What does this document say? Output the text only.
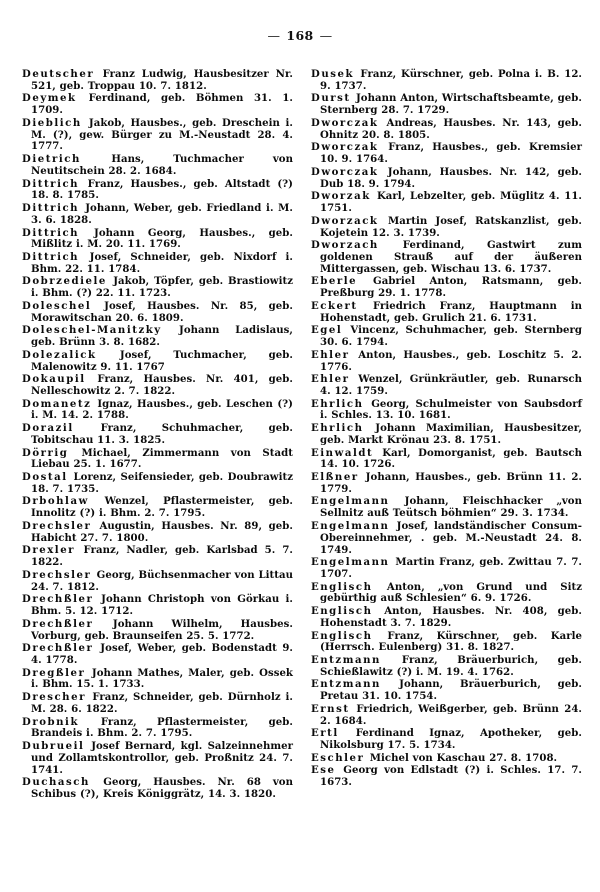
— 168 —

Deutscher Franz Ludwig, Hausbesitzer Nr. 521, geb. Troppau 10. 7. 1812.

Deymek Ferdinand, geb. Böhmen 31. 1. 1709.

Dieblich Jakob, Hausbes., geb. Dreschein i. M. (?), gew. Bürger zu M.-Neustadt 28. 4. 1777.

Dietrich Hans, Tuchmacher von Neutitschein 28. 2. 1684.

Dittrich Franz, Hausbes., geb. Altstadt (?) 18. 8. 1785.

Dittrich Johann, Weber, geb. Friedland i. M. 3. 6. 1828.

Dittrich Johann Georg, Hausbes., geb. Mißlitz i. M. 20. 11. 1769.

Dittrich Josef, Schneider, geb. Nixdorf i. Bhm. 22. 11. 1784.

Dobrzediele Jakob, Töpfer, geb. Brastiowitz i. Bhm. (?) 22. 11. 1723.

Doleschel Josef, Hausbes. Nr. 85, geb. Morawitschan 20. 6. 1809.

Doleschel-Manitzky Johann Ladislaus, geb. Brünn 3. 8. 1682.

Dolezalick Josef, Tuchmacher, geb. Malenowitz 9. 11. 1767

Dokaupil Franz, Hausbes. Nr. 401, geb. Nelleschowitz 2. 7. 1822.

Domanetz Ignaz, Hausbes., geb. Leschen (?) i. M. 14. 2. 1788.

Dorazil Franz, Schuhmacher, geb. Tobitschau 11. 3. 1825.

Dörrig Michael, Zimmermann von Stadt Liebau 25. 1. 1677.

Dostal Lorenz, Seifensieder, geb. Doubrawitz 18. 7. 1735.

Drbohlaw Wenzel, Pflastermeister, geb. Innolitz (?) i. Bhm. 2. 7. 1795.

Drechsler Augustin, Hausbes. Nr. 89, geb. Habicht 27. 7. 1800.

Drexler Franz, Nadler, geb. Karlsbad 5. 7. 1822.

Drechsler Georg, Büchsenmacher von Littau 24. 7. 1812.

Drechßler Johann Christoph von Görkau i. Bhm. 5. 12. 1712.

Drechßler Johann Wilhelm, Hausbes. Vorburg, geb. Braunseifen 25. 5. 1772.

Drechßler Josef, Weber, geb. Bodenstadt 9. 4. 1778.

Dregßler Johann Mathes, Maler, geb. Ossek i. Bhm. 15. 1. 1733.

Drescher Franz, Schneider, geb. Dürnholz i. M. 28. 6. 1822.

Drobnik Franz, Pflastermeister, geb. Brandeis i. Bhm. 2. 7. 1795.

Dubrueil Josef Bernard, kgl. Salzeinnehmer und Zollamtskontrollor, geb. Proßnitz 24. 7. 1741.

Duchasch Georg, Hausbes. Nr. 68 von Schibus (?), Kreis Königgrätz, 14. 3. 1820.

Dusek Franz, Kürschner, geb. Polna i. B. 12. 9. 1737.

Durst Johann Anton, Wirtschaftsbeamte, geb. Sternberg 28. 7. 1729.

Dworczak Andreas, Hausbes. Nr. 143, geb. Ohnitz 20. 8. 1805.

Dworczak Franz, Hausbes., geb. Kremsier 10. 9. 1764.

Dworczak Johann, Hausbes. Nr. 142, geb. Dub 18. 9. 1794.

Dworzak Karl, Lebzelter, geb. Müglitz 4. 11. 1751.

Dworzack Martin Josef, Ratskanzlist, geb. Kojetein 12. 3. 1739.

Dworzach Ferdinand, Gastwirt zum goldenen Strauß auf der äußeren Mittergassen, geb. Wischau 13. 6. 1737.

Eberle Gabriel Anton, Ratsmann, geb. Preßburg 29. 1. 1778.

Eckert Friedrich Franz, Hauptmann in Hohenstadt, geb. Grulich 21. 6. 1731.

Egel Vincenz, Schuhmacher, geb. Sternberg 30. 6. 1794.

Ehler Anton, Hausbes., geb. Loschitz 5. 2. 1776.

Ehler Wenzel, Grünkräutler, geb. Runarsch 4. 12. 1759.

Ehrlich Georg, Schulmeister von Saubsdorf i. Schles. 13. 10. 1681.

Ehrlich Johann Maximilian, Hausbesitzer, geb. Markt Krönau 23. 8. 1751.

Einwaldt Karl, Domorganist, geb. Bautsch 14. 10. 1726.

Elßner Johann, Hausbes., geb. Brünn 11. 2. 1779.

Engelmann Johann, Fleischhacker „von Sellnitz auß Teütsch böhmien“ 29. 3. 1734.

Engelmann Josef, landständischer Consum-Obereinnehmer, . geb. M.-Neustadt 24. 8. 1749.

Engelmann Martin Franz, geb. Zwittau 7. 7. 1707.

Englisch Anton, „von Grund und Sitz gebürthig auß Schlesien“ 6. 9. 1726.

Englisch Anton, Hausbes. Nr. 408, geb. Hohenstadt 3. 7. 1829.

Englisch Franz, Kürschner, geb. Karle (Herrsch. Eulenberg) 31. 8. 1827.

Entzmann Franz, Bräuerburich, geb. Schießlawitz (?) i. M. 19. 4. 1762.

Entzmann Johann, Bräuerburich, geb. Pretau 31. 10. 1754.

Ernst Friedrich, Weißgerber, geb. Brünn 24. 2. 1684.

Ertl Ferdinand Ignaz, Apotheker, geb. Nikolsburg 17. 5. 1734.

Eschler Michel von Kaschau 27. 8. 1708.

Ese Georg von Edlstadt (?) i. Schles. 17. 7. 1673.
